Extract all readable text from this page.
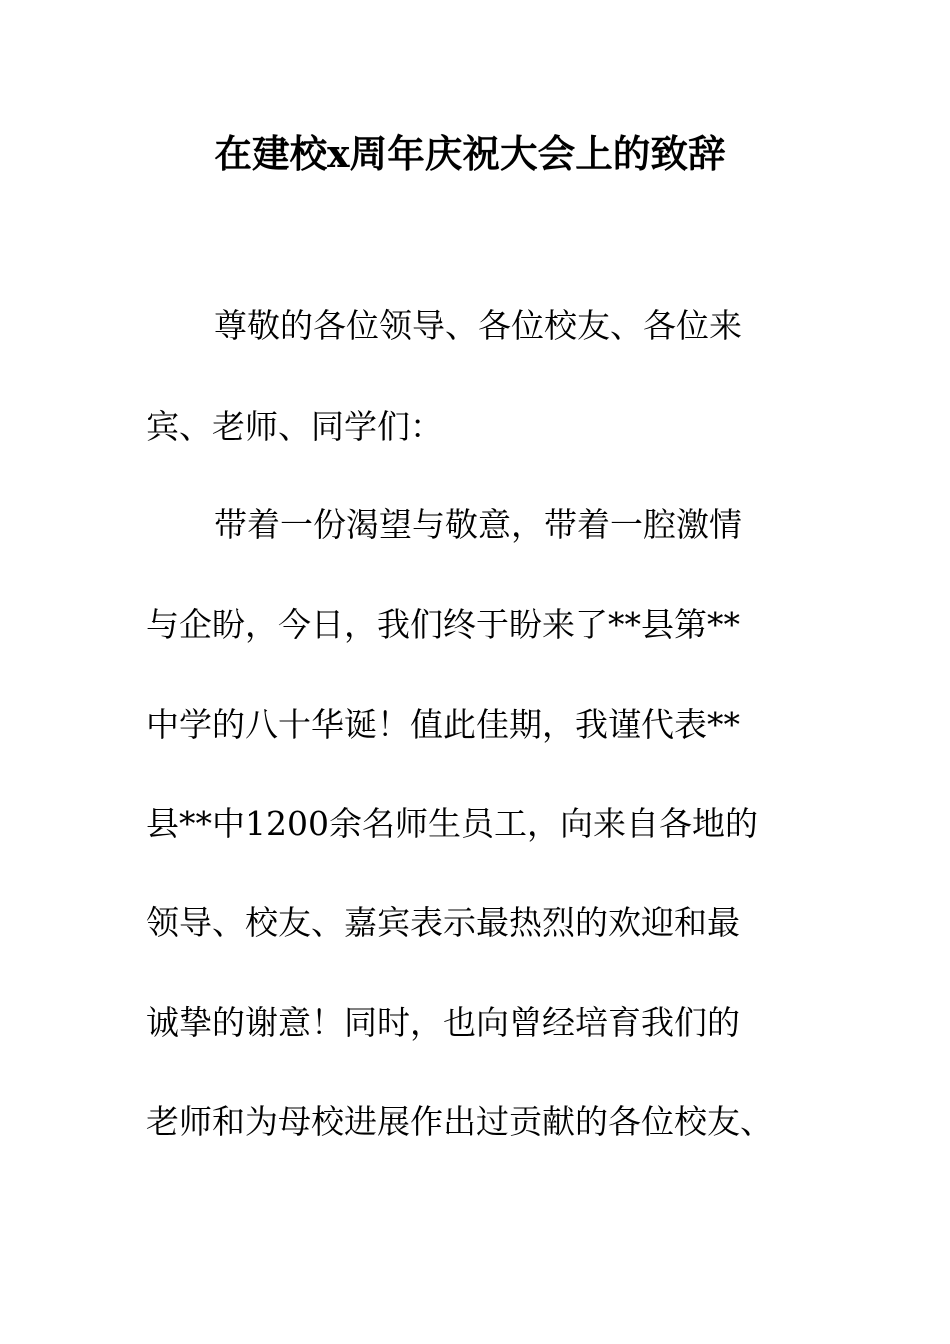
在建校x周年庆祝大会上的致辞
尊敬的各位领导、各位校友、各位来
宾、老师、同学们：
带着一份渴望与敬意，带着一腔激情
与企盼，今日，我们终于盼来了**县第**
中学的八十华诞！值此佳期，我谨代表**
县**中1200余名师生员工，向来自各地的
领导、校友、嘉宾表示最热烈的欢迎和最
诚挚的谢意！同时，也向曾经培育我们的
老师和为母校进展作出过贡献的各位校友、
